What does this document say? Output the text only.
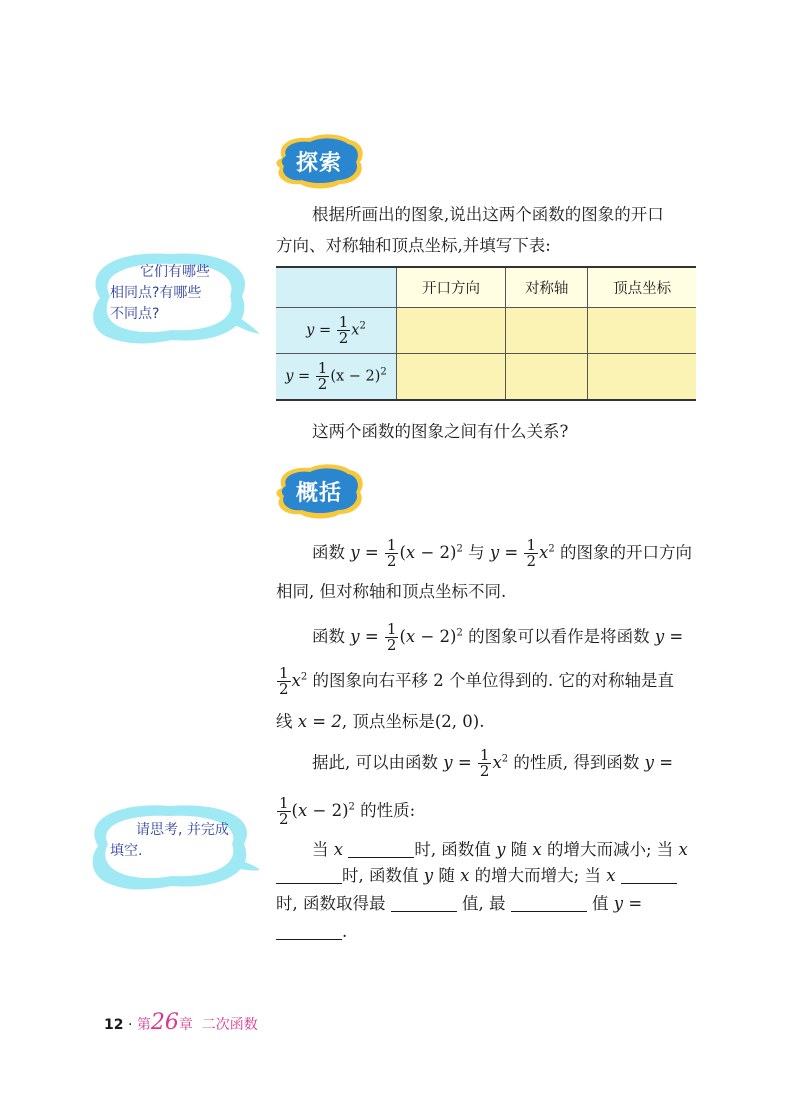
探索
根据所画出的图象,说出这两个函数的图象的开口
方向、对称轴和顶点坐标,并填写下表:
它们有哪些
相同点?有哪些
不同点?
	开口方向	对称轴	顶点坐标
$y = \frac{1}{2} x^2$			
$y = \frac{1}{2} (x - 2)^2$			
这两个函数的图象之间有什么关系?
概括
函数 $y = \frac{1}{2} (x - 2)^2$ 与 $y = \frac{1}{2} x^2$ 的图象的开口方向
相同, 但对称轴和顶点坐标不同.
函数 $y = \frac{1}{2} (x - 2)^2$ 的图象可以看作是将函数 y =
$\frac{1}{2} x^2$ 的图象向右平移 2 个单位得到的. 它的对称轴是直
线 x = 2, 顶点坐标是(2, 0).
据此, 可以由函数 $y = \frac{1}{2} x^2$ 的性质, 得到函数 y =
$\frac{1}{2} (x - 2)^2$ 的性质:
请思考, 并完成
填空.	当 x	时, 函数值 y 随 x 的增大而减小; 当 x
时, 函数值 y 随 x 的增大而增大; 当 x
时, 函数取得最	值, 最	值 y =
.
12 · 第26章 二次函数
